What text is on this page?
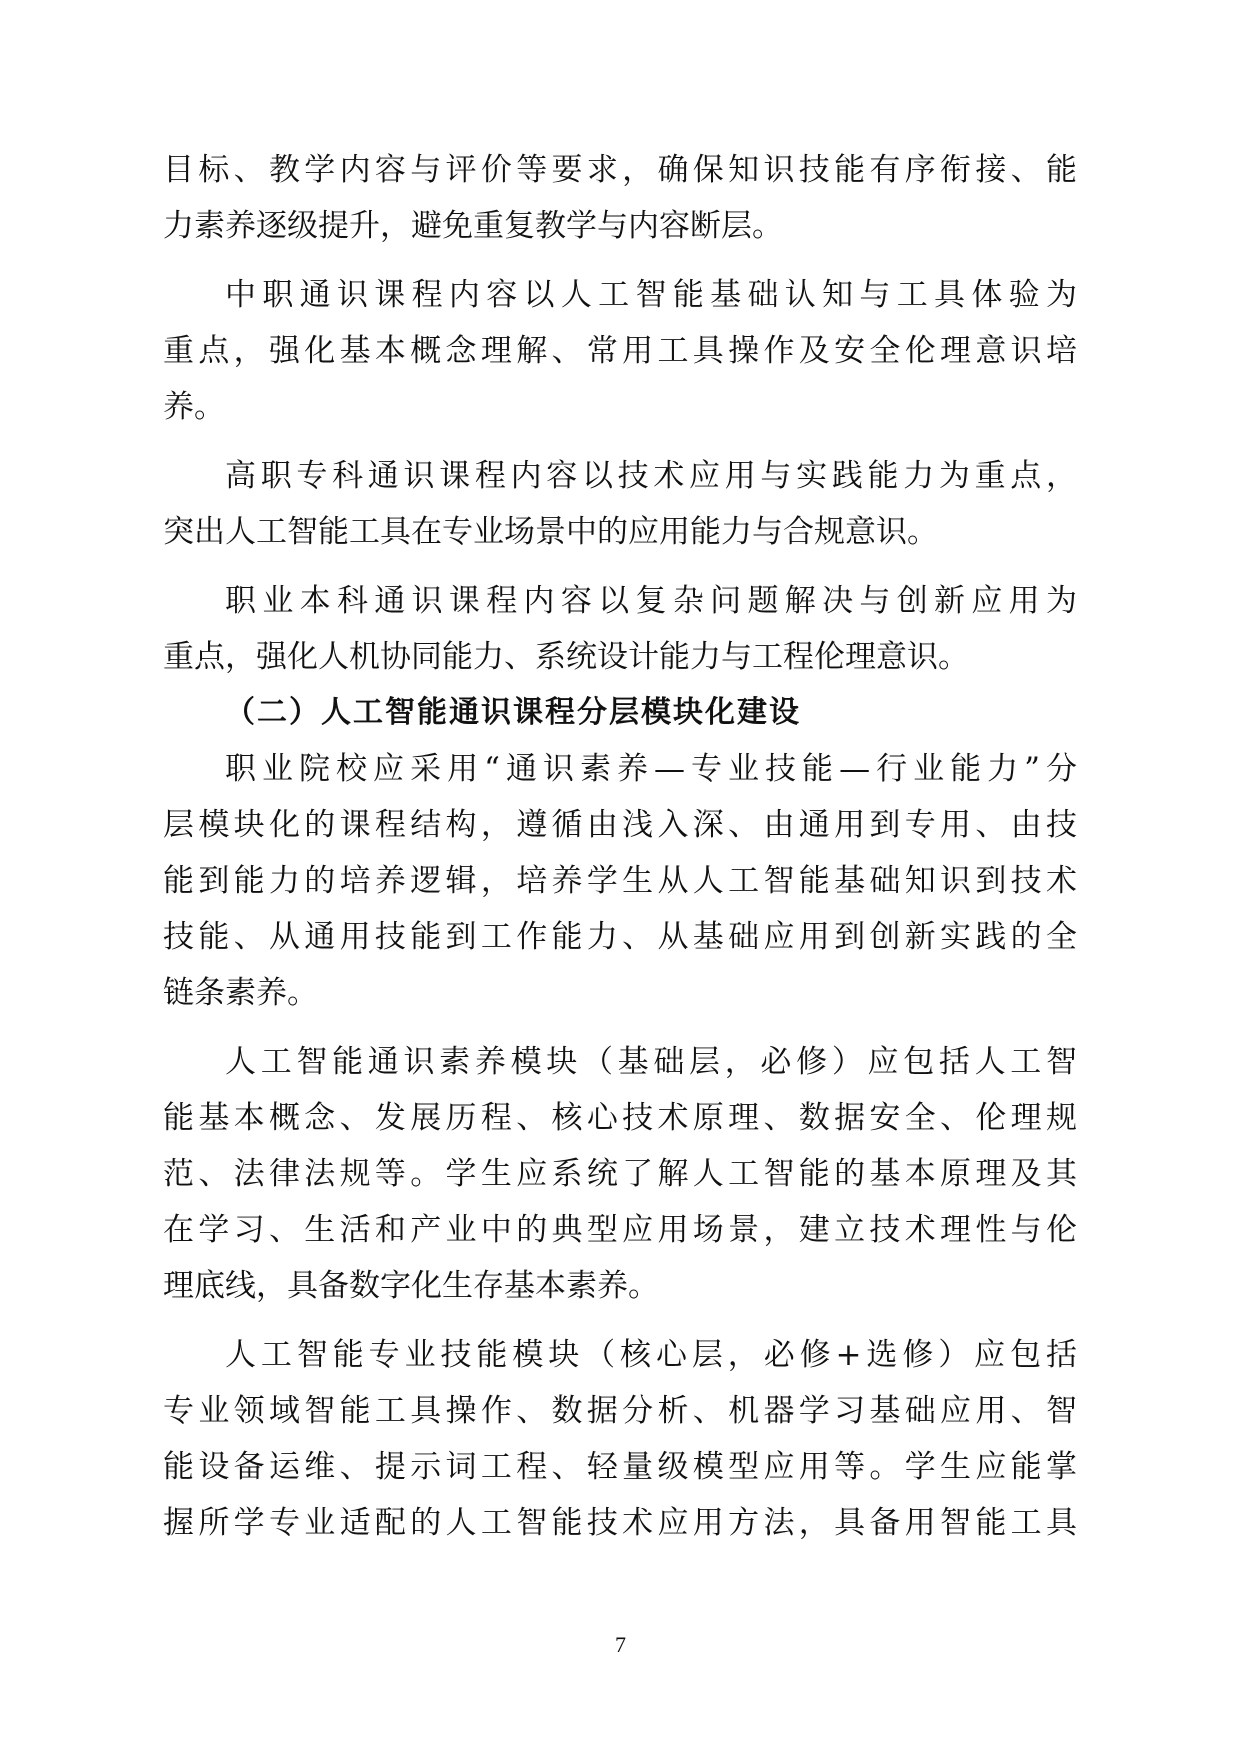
目标、教学内容与评价等要求，确保知识技能有序衔接、能
力素养逐级提升，避免重复教学与内容断层。
中职通识课程内容以人工智能基础认知与工具体验为
重点，强化基本概念理解、常用工具操作及安全伦理意识培
养。
高职专科通识课程内容以技术应用与实践能力为重点，
突出人工智能工具在专业场景中的应用能力与合规意识。
职业本科通识课程内容以复杂问题解决与创新应用为
重点，强化人机协同能力、系统设计能力与工程伦理意识。
（二）人工智能通识课程分层模块化建设
职业院校应采用“通识素养—专业技能—行业能力”分
层模块化的课程结构，遵循由浅入深、由通用到专用、由技
能到能力的培养逻辑，培养学生从人工智能基础知识到技术
技能、从通用技能到工作能力、从基础应用到创新实践的全
链条素养。
人工智能通识素养模块（基础层，必修）应包括人工智
能基本概念、发展历程、核心技术原理、数据安全、伦理规
范、法律法规等。学生应系统了解人工智能的基本原理及其
在学习、生活和产业中的典型应用场景，建立技术理性与伦
理底线，具备数字化生存基本素养。
人工智能专业技能模块（核心层，必修+选修）应包括
专业领域智能工具操作、数据分析、机器学习基础应用、智
能设备运维、提示词工程、轻量级模型应用等。学生应能掌
握所学专业适配的人工智能技术应用方法，具备用智能工具
7
